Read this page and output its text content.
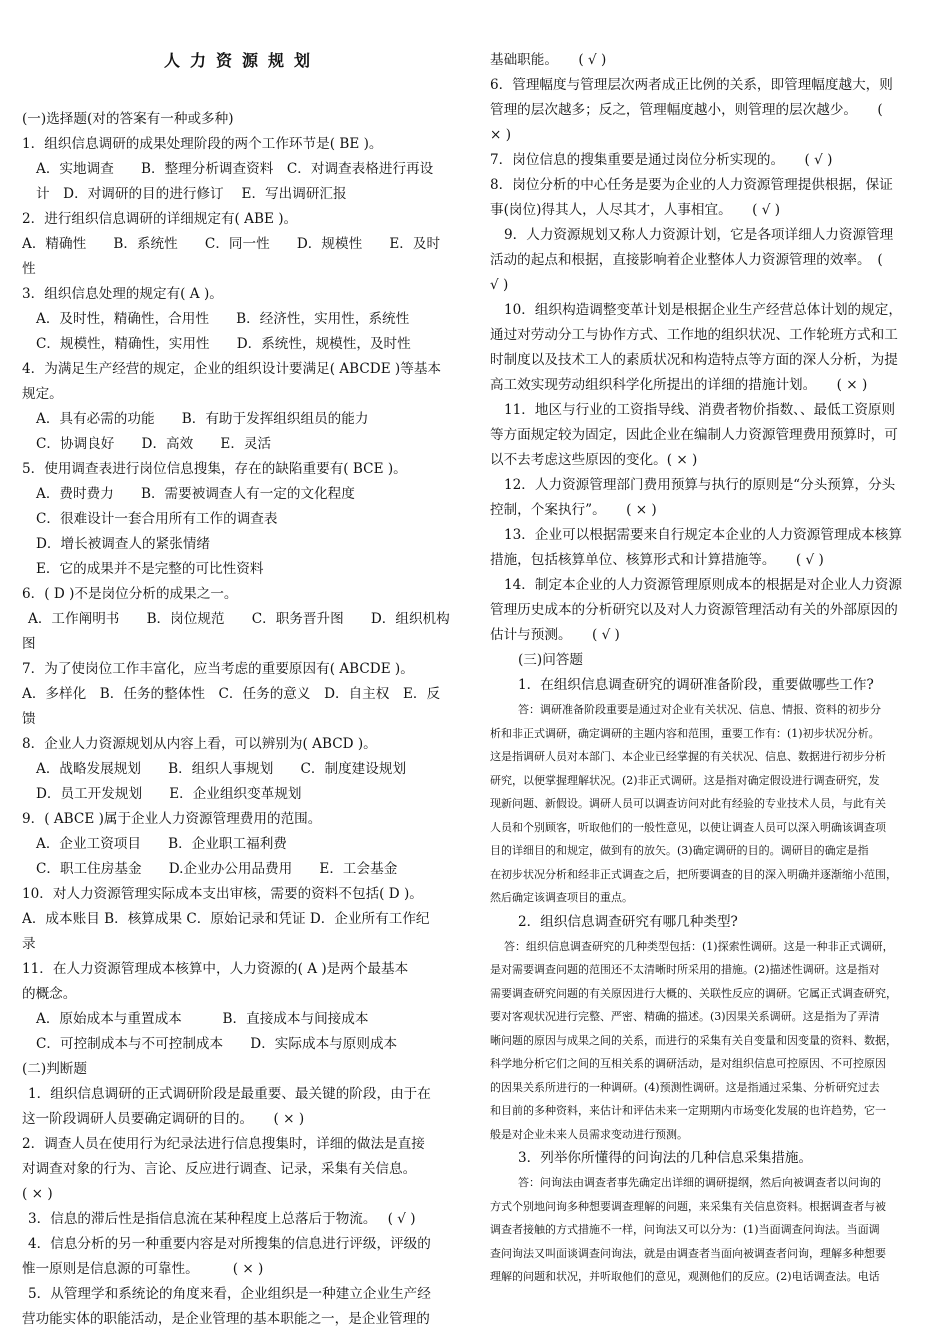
人力资源规划
(一)选择题(对的答案有一种或多种)
1．组织信息调研的成果处理阶段的两个工作环节是( BE )。
A．实地调查　　B．整理分析调查资料　C．对调查表格进行再设
计　D．对调研的目的进行修订　 E．写出调研汇报
2．进行组织信息调研的详细规定有( ABE )。
A．精确性　　B．系统性　　C．同一性　　D．规模性　　E．及时
性
3．组织信息处理的规定有( A )。
A．及时性，精确性，合用性　　B．经济性，实用性，系统性
C．规模性，精确性，实用性　　D．系统性，规模性，及时性
4．为满足生产经营的规定，企业的组织设计要满足( ABCDE )等基本
规定。
A．具有必需的功能　　B．有助于发挥组织组员的能力
C．协调良好　　D．高效　　E．灵活
5．使用调查表进行岗位信息搜集，存在的缺陷重要有( BCE )。
A．费时费力　　B．需要被调查人有一定的文化程度
C．很难设计一套合用所有工作的调查表
D．增长被调查人的紧张情绪
E．它的成果并不是完整的可比性资料
6．( D )不是岗位分析的成果之一。
A．工作阐明书　　B．岗位规范　　C．职务晋升图　　D．组织机构
图
7．为了使岗位工作丰富化，应当考虑的重要原因有( ABCDE )。
A．多样化　B．任务的整体性　C．任务的意义　D．自主权　E．反
馈
8．企业人力资源规划从内容上看，可以辨别为( ABCD )。
A．战略发展规划　　B．组织人事规划　　C．制度建设规划
D．员工开发规划　　E．企业组织变革规划
9．( ABCE )属于企业人力资源管理费用的范围。
A．企业工资项目　　B．企业职工福利费
C．职工住房基金　　D.企业办公用品费用　　E．工会基金
10．对人力资源管理实际成本支出审核，需要的资料不包括( D )。
A．成本账目 B．核算成果 C．原始记录和凭证 D．企业所有工作纪
录
11．在人力资源管理成本核算中，人力资源的( A )是两个最基本
的概念。
A．原始成本与重置成本　　　B．直接成本与间接成本
C．可控制成本与不可控制成本　　D．实际成本与原则成本
(二)判断题
1．组织信息调研的正式调研阶段是最重要、最关键的阶段，由于在
这一阶段调研人员要确定调研的目的。　　( × )
2．调查人员在使用行为纪录法进行信息搜集时，详细的做法是直接
对调查对象的行为、言论、反应进行调查、记录，采集有关信息。
( × )
3．信息的滞后性是指信息流在某种程度上总落后于物流。　 ( √ )
4．信息分析的另一种重要内容是对所搜集的信息进行评级，评级的
惟一原则是信息源的可靠性。　　　( × )
5．从管理学和系统论的角度来看，企业组织是一种建立企业生产经
营功能实体的职能活动，是企业管理的基本职能之一，是企业管理的
基础职能。　　( √ )
6．管理幅度与管理层次两者成正比例的关系，即管理幅度越大，则
管理的层次越多；反之，管理幅度越小，则管理的层次越少。　　(
× )
7．岗位信息的搜集重要是通过岗位分析实现的。　　( √ )
8．岗位分析的中心任务是要为企业的人力资源管理提供根据，保证
事(岗位)得其人，人尽其才，人事相宜。　　( √ )
9．人力资源规划又称人力资源计划，它是各项详细人力资源管理
活动的起点和根据，直接影响着企业整体人力资源管理的效率。　(
√ )
10．组织构造调整变革计划是根据企业生产经营总体计划的规定，
通过对劳动分工与协作方式、工作地的组织状况、工作轮班方式和工
时制度以及技术工人的素质状况和构造特点等方面的深人分析，为提
高工效实现劳动组织科学化所提出的详细的措施计划。　　( × )
11．地区与行业的工资指导线、消费者物价指数、、最低工资原则
等方面规定较为固定，因此企业在编制人力资源管理费用预算时，可
以不去考虑这些原因的变化。( × )
12．人力资源管理部门费用预算与执行的原则是“分头预算，分头
控制，个案执行”。　　( × )
13．企业可以根据需要来自行规定本企业的人力资源管理成本核算
措施，包括核算单位、核算形式和计算措施等。　　( √ )
14．制定本企业的人力资源管理原则成本的根据是对企业人力资源
管理历史成本的分析研究以及对人力资源管理活动有关的外部原因的
估计与预测。　　( √ )
(三)问答题
1．在组织信息调查研究的调研准备阶段，重要做哪些工作?
答：调研准备阶段重要是通过对企业有关状况、信息、情报、资料的初步分
析和非正式调研，确定调研的主题内容和范围，重要工作有：(1)初步状况分析。
这是指调研人员对本部门、本企业已经掌握的有关状况、信息、数据进行初步分析
研究，以便掌握理解状况。(2)非正式调研。这是指对确定假设进行调查研究，发
现新问题、新假设。调研人员可以调查访问对此有经验的专业技术人员，与此有关
人员和个别顾客，听取他们的一般性意见，以使让调查人员可以深入明确该调查项
目的详细目的和规定，做到有的放矢。(3)确定调研的目的。调研目的确定是指
在初步状况分析和经非正式调查之后，把所要调查的目的深入明确并逐渐缩小范围，
然后确定该调查项目的重点。
2．组织信息调查研究有哪几种类型?
答：组织信息调查研究的几种类型包括：(1)探索性调研。这是一种非正式调研，
是对需要调查问题的范围还不太清晰时所采用的措施。(2)描述性调研。这是指对
需要调查研究问题的有关原因进行大概的、关联性反应的调研。它属正式调查研究，
要对客观状况进行完整、严密、精确的描述。(3)因果关系调研。这是指为了弄清
晰问题的原因与成果之间的关系，而进行的采集有关自变量和因变量的资料、数据，
科学地分析它们之间的互相关系的调研活动，是对组织信息可控原因、不可控原因
的因果关系所进行的一种调研。(4)预测性调研。这是指通过采集、分析研究过去
和目前的多种资料，来估计和评估未来一定期期内市场变化发展的也许趋势，它一
般是对企业未来人员需求变动进行预测。
3．列举你所懂得的问询法的几种信息采集措施。
答：问询法由调查者事先确定出详细的调研提纲，然后向被调查者以问询的
方式个别地问询多种想要调查理解的问题，来采集有关信息资料。根据调查者与被
调查者接触的方式措施不一样，问询法又可以分为：(1)当面调查问询法。当面调
查问询法又叫面谈调查问询法，就是由调查者当面向被调查者问询，理解多种想要
理解的问题和状况，并听取他们的意见，观测他们的反应。(2)电话调查法。电话
